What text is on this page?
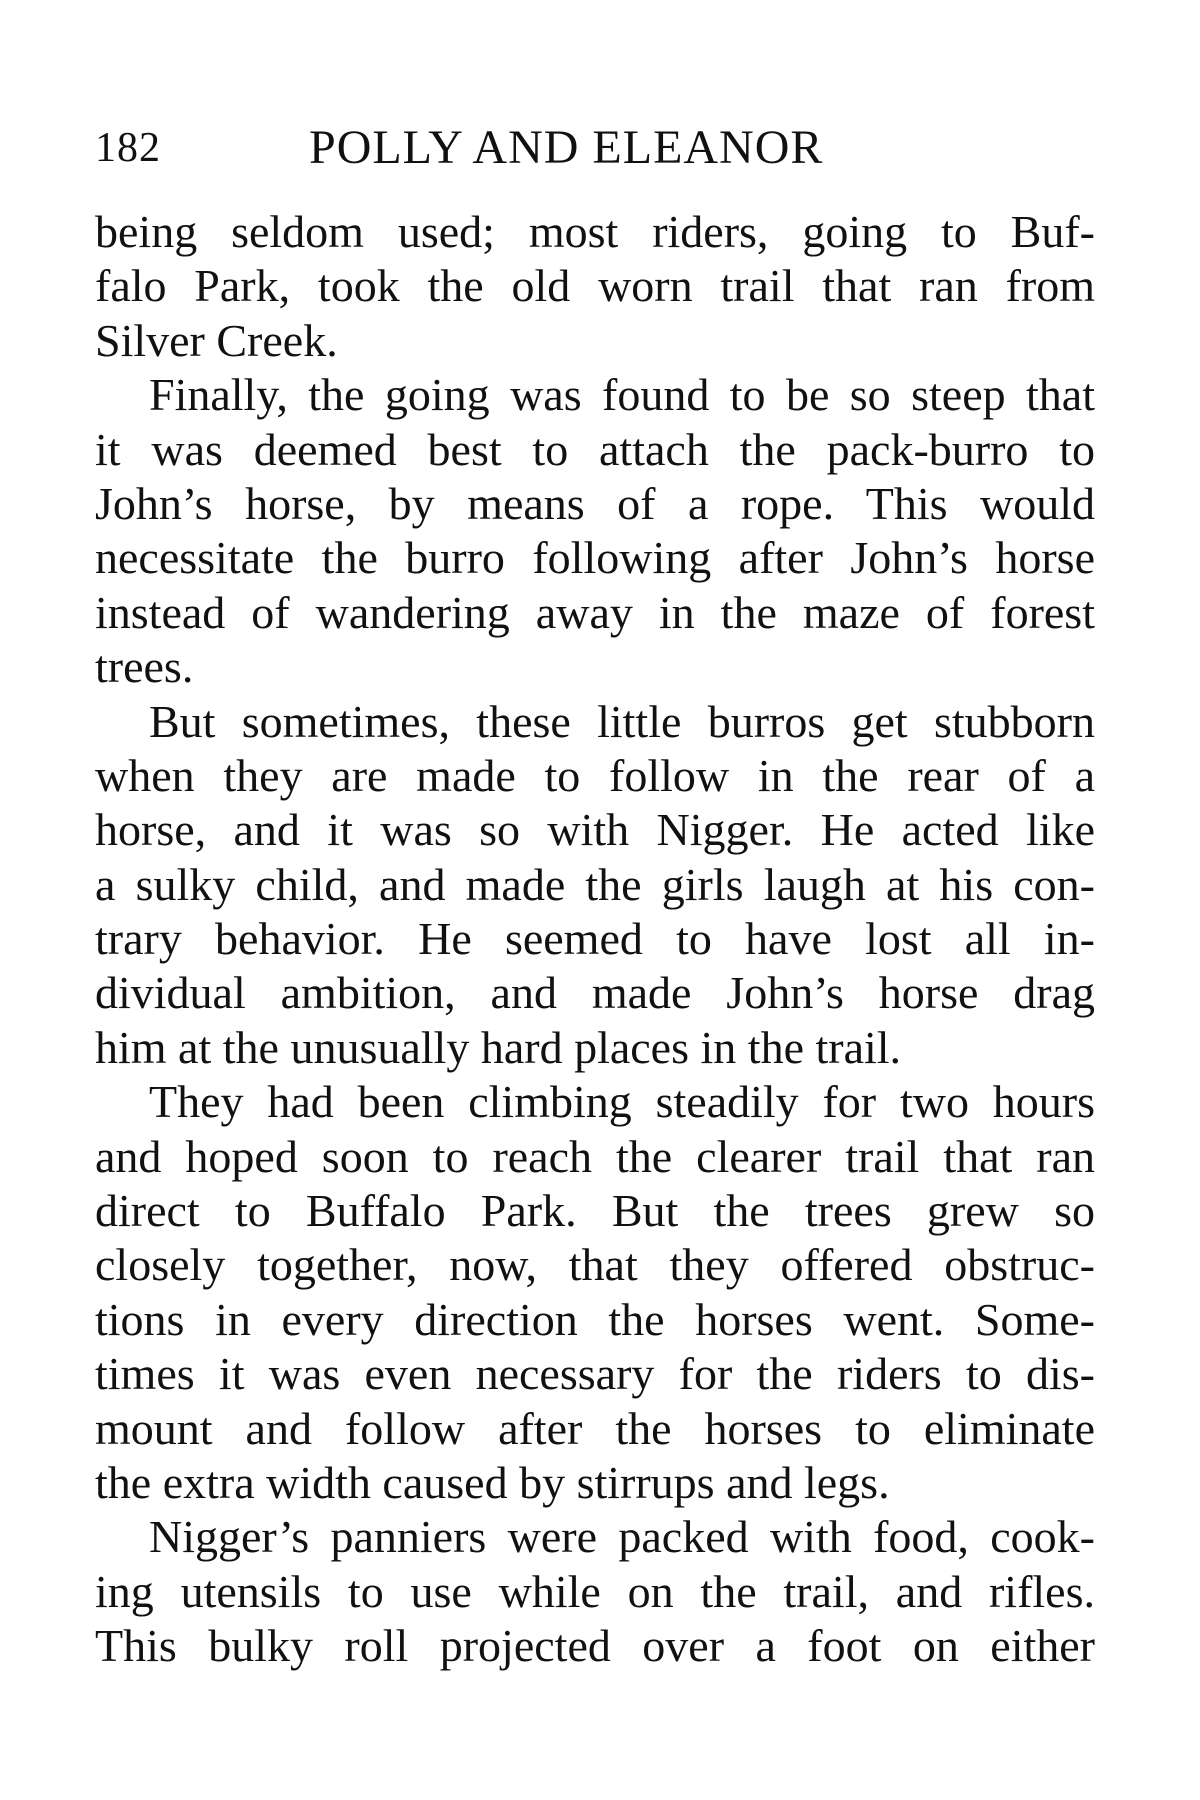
182	POLLY AND ELEANOR
being seldom used; most riders, going to Buf-
falo Park, took the old worn trail that ran from
Silver Creek.
Finally, the going was found to be so steep that
it was deemed best to attach the pack-burro to
John’s horse, by means of a rope. This would
necessitate the burro following after John’s horse
instead of wandering away in the maze of forest
trees.
But sometimes, these little burros get stubborn
when they are made to follow in the rear of a
horse, and it was so with Nigger. He acted like
a sulky child, and made the girls laugh at his con-
trary behavior. He seemed to have lost all in-
dividual ambition, and made John’s horse drag
him at the unusually hard places in the trail.
They had been climbing steadily for two hours
and hoped soon to reach the clearer trail that ran
direct to Buffalo Park. But the trees grew so
closely together, now, that they offered obstruc-
tions in every direction the horses went. Some-
times it was even necessary for the riders to dis-
mount and follow after the horses to eliminate
the extra width caused by stirrups and legs.
Nigger’s panniers were packed with food, cook-
ing utensils to use while on the trail, and rifles.
This bulky roll projected over a foot on either
